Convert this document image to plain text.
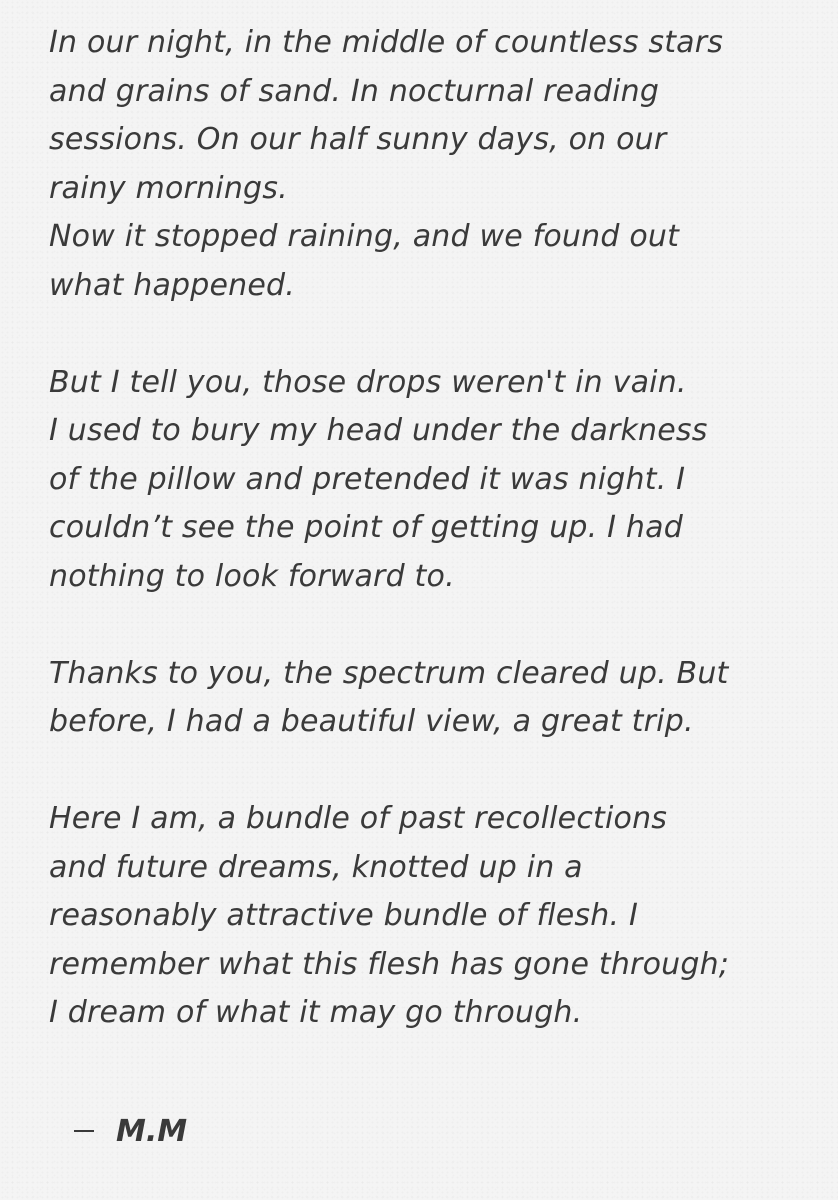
In our night, in the middle of countless stars
and grains of sand. In nocturnal reading
sessions. On our half sunny days, on our
rainy mornings.
Now it stopped raining, and we found out
what happened.
But I tell you, those drops weren't in vain.
I used to bury my head under the darkness
of the pillow and pretended it was night. I
couldn’t see the point of getting up. I had
nothing to look forward to.
Thanks to you, the spectrum cleared up. But
before, I had a beautiful view, a great trip.
Here I am, a bundle of past recollections
and future dreams, knotted up in a
reasonably attractive bundle of flesh. I
remember what this flesh has gone through;
I dream of what it may go through.
M.M
